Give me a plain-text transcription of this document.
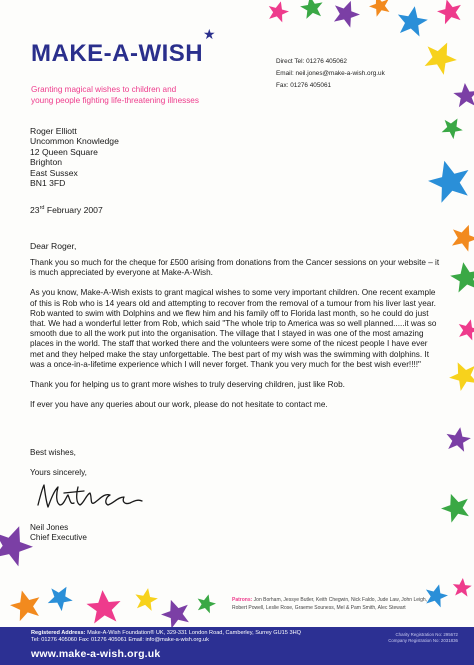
MAKE-A-WISH
★
Granting magical wishes to children and
young people fighting life-threatening illnesses
Direct Tel: 01276 405062
Email: neil.jones@make-a-wish.org.uk
Fax: 01276 405061
Roger Elliott
Uncommon Knowledge
12 Queen Square
Brighton
East Sussex
BN1 3FD
23rd February 2007
Dear Roger,

Thank you so much for the cheque for £500 arising from donations from the Cancer sessions on your website – it is much appreciated by everyone at Make-A-Wish.

As you know, Make-A-Wish exists to grant magical wishes to some very important children. One recent example of this is Rob who is 14 years old and attempting to recover from the removal of a tumour from his liver last year. Rob wanted to swim with Dolphins and we flew him and his family off to Florida last month, so he could do just that. We had a wonderful letter from Rob, which said "The whole trip to America was so well planned.....it was so smooth due to all the work put into the organisation. The village that I stayed in was one of the most amazing places in the world. The staff that worked there and the volunteers were some of the nicest people I have ever met and they helped make the stay unforgettable. The best part of my wish was the swimming with dolphins. It was a once-in-a-lifetime experience which I will never forget. Thank you very much for the best wish ever!!!!"

Thank you for helping us to grant more wishes to truly deserving children, just like Rob.

If ever you have any queries about our work, please do not hesitate to contact me.

Best wishes,

Yours sincerely,

Neil Jones
Chief Executive
Patrons: Jon Borham, Jessye Butler, Keith Chegwin, Nick Faldo, Jude Law, John Leigh,
Robert Powell, Leslie Rose, Graeme Souness, Mel & Pam Smith, Alec Stewart
Registered Address: Make-A-Wish Foundation® UK, 329-331 London Road, Camberley, Surrey GU15 3HQ
Tel: 01276 405060 Fax: 01276 405061 Email: info@make-a-wish.org.uk
www.make-a-wish.org.uk
Charity Registration No: 295672
Company Registration No: 2031836
